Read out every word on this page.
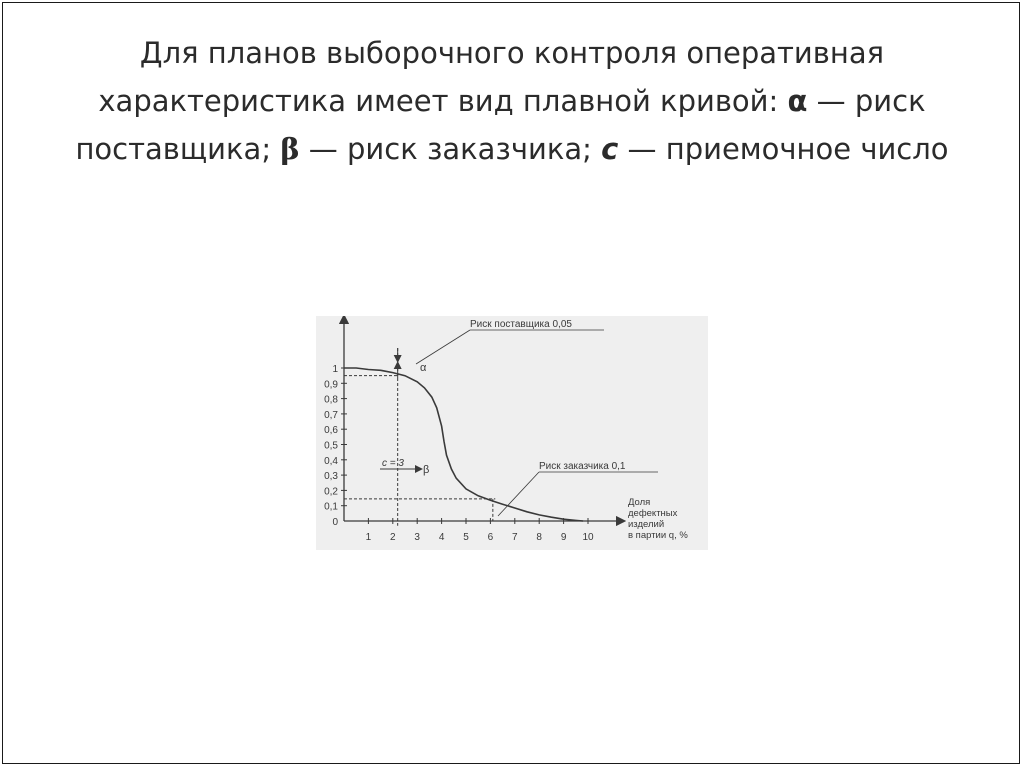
Для планов выборочного контроля оперативная характеристика имеет вид плавной кривой: α — риск поставщика; β — риск заказчика; c — приемочное число
0
0,1
0,2
0,3
0,4
0,5
0,6
0,7
0,8
0,9
1
1 2 3 4 5 6 7 8 9 10
Доля
дефектных
изделий
в партии q, %
Риск поставщика 0,05
α
Риск заказчика 0,1
c = 3
β
